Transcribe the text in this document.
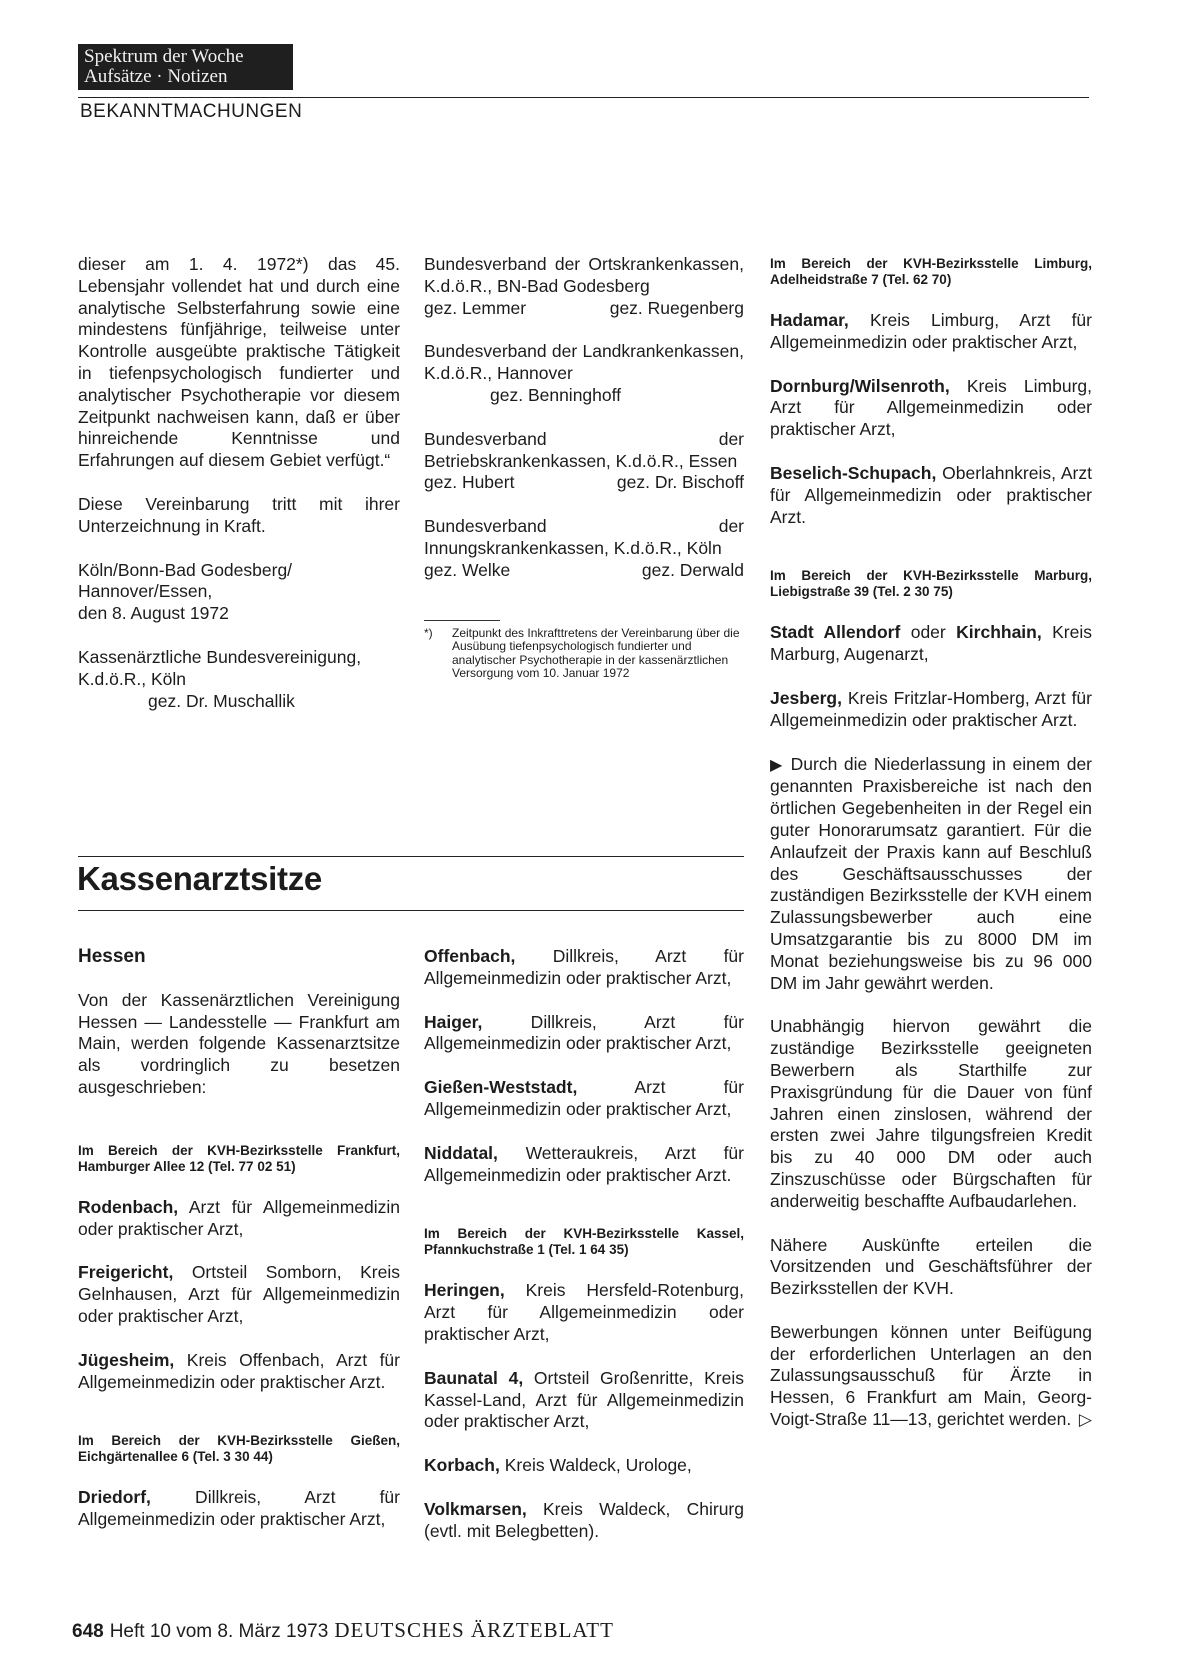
Spektrum der Woche
Aufsätze · Notizen
BEKANNTMACHUNGEN

dieser am 1. 4. 1972*) das 45. Lebensjahr vollendet hat und durch eine analytische Selbsterfahrung sowie eine mindestens fünfjährige, teilweise unter Kontrolle ausgeübte praktische Tätigkeit in tiefenpsychologisch fundierter und analytischer Psychotherapie vor diesem Zeitpunkt nachweisen kann, daß er über hinreichende Kenntnisse und Erfahrungen auf diesem Gebiet verfügt.“

Diese Vereinbarung tritt mit ihrer Unterzeichnung in Kraft.

Köln/Bonn-Bad Godesberg/
Hannover/Essen,
den 8. August 1972

Kassenärztliche Bundesvereinigung,
K.d.ö.R., Köln
gez. Dr. Muschallik

Bundesverband der Ortskrankenkassen, K.d.ö.R., BN-Bad Godesberg

gez. Lemmer	gez. Ruegenberg

Bundesverband der Landkrankenkassen, K.d.ö.R., Hannover

gez. Benninghoff

Bundesverband der Betriebskrankenkassen, K.d.ö.R., Essen

gez. Hubert	gez. Dr. Bischoff

Bundesverband der Innungskrankenkassen, K.d.ö.R., Köln

gez. Welke	gez. Derwald

*)	Zeitpunkt des Inkrafttretens der Vereinbarung über die Ausübung tiefenpsychologisch fundierter und analytischer Psychotherapie in der kassenärztlichen Versorgung vom 10. Januar 1972

Im Bereich der KVH-Bezirksstelle Limburg, Adelheidstraße 7 (Tel. 62 70)

Hadamar, Kreis Limburg, Arzt für Allgemeinmedizin oder praktischer Arzt,

Dornburg/Wilsenroth, Kreis Limburg, Arzt für Allgemeinmedizin oder praktischer Arzt,

Beselich-Schupach, Oberlahnkreis, Arzt für Allgemeinmedizin oder praktischer Arzt.

Im Bereich der KVH-Bezirksstelle Marburg, Liebigstraße 39 (Tel. 2 30 75)

Stadt Allendorf oder Kirchhain, Kreis Marburg, Augenarzt,

Jesberg, Kreis Fritzlar-Homberg, Arzt für Allgemeinmedizin oder praktischer Arzt.

▶ Durch die Niederlassung in einem der genannten Praxisbereiche ist nach den örtlichen Gegebenheiten in der Regel ein guter Honorarumsatz garantiert. Für die Anlaufzeit der Praxis kann auf Beschluß des Geschäftsausschusses der zuständigen Bezirksstelle der KVH einem Zulassungsbewerber auch eine Umsatzgarantie bis zu 8000 DM im Monat beziehungsweise bis zu 96 000 DM im Jahr gewährt werden.

Unabhängig hiervon gewährt die zuständige Bezirksstelle geeigneten Bewerbern als Starthilfe zur Praxisgründung für die Dauer von fünf Jahren einen zinslosen, während der ersten zwei Jahre tilgungsfreien Kredit bis zu 40 000 DM oder auch Zinszuschüsse oder Bürgschaften für anderweitig beschaffte Aufbaudarlehen.

Nähere Auskünfte erteilen die Vorsitzenden und Geschäftsführer der Bezirksstellen der KVH.

Bewerbungen können unter Beifügung der erforderlichen Unterlagen an den Zulassungsausschuß für Ärzte in Hessen, 6 Frankfurt am Main, Georg-Voigt-Straße 11—13, gerichtet werden. ▷

Kassenarztsitze

Hessen

Von der Kassenärztlichen Vereinigung Hessen — Landesstelle — Frankfurt am Main, werden folgende Kassenarztsitze als vordringlich zu besetzen ausgeschrieben:

Im Bereich der KVH-Bezirksstelle Frankfurt, Hamburger Allee 12 (Tel. 77 02 51)

Rodenbach, Arzt für Allgemeinmedizin oder praktischer Arzt,

Freigericht, Ortsteil Somborn, Kreis Gelnhausen, Arzt für Allgemeinmedizin oder praktischer Arzt,

Jügesheim, Kreis Offenbach, Arzt für Allgemeinmedizin oder praktischer Arzt.

Im Bereich der KVH-Bezirksstelle Gießen, Eichgärtenallee 6 (Tel. 3 30 44)

Driedorf, Dillkreis, Arzt für Allgemeinmedizin oder praktischer Arzt,

Offenbach, Dillkreis, Arzt für Allgemeinmedizin oder praktischer Arzt,

Haiger, Dillkreis, Arzt für Allgemeinmedizin oder praktischer Arzt,

Gießen-Weststadt, Arzt für Allgemeinmedizin oder praktischer Arzt,

Niddatal, Wetteraukreis, Arzt für Allgemeinmedizin oder praktischer Arzt.

Im Bereich der KVH-Bezirksstelle Kassel, Pfannkuchstraße 1 (Tel. 1 64 35)

Heringen, Kreis Hersfeld-Rotenburg, Arzt für Allgemeinmedizin oder praktischer Arzt,

Baunatal 4, Ortsteil Großenritte, Kreis Kassel-Land, Arzt für Allgemeinmedizin oder praktischer Arzt,

Korbach, Kreis Waldeck, Urologe,

Volkmarsen, Kreis Waldeck, Chirurg (evtl. mit Belegbetten).

648 Heft 10 vom 8. März 1973 DEUTSCHES ÄRZTEBLATT
